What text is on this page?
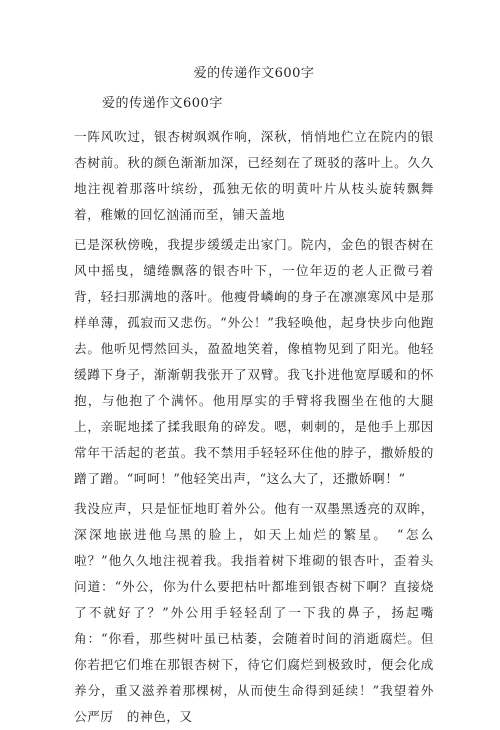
爱的传递作文600字
爱的传递作文600字

一阵风吹过，银杏树飒飒作响，深秋，悄悄地伫立在院内的银杏树前。秋的颜色渐渐加深，已经刻在了斑驳的落叶上。久久地注视着那落叶缤纷，孤独无依的明黄叶片从枝头旋转飘舞着，稚嫩的回忆汹涌而至，铺天盖地

已是深秋傍晚，我提步缓缓走出家门。院内，金色的银杏树在风中摇曳，缱绻飘落的银杏叶下，一位年迈的老人正微弓着背，轻扫那满地的落叶。他瘦骨嶙峋的身子在凛凛寒风中是那样单薄，孤寂而又悲伤。“外公！”我轻唤他，起身快步向他跑去。他听见愕然回头，盈盈地笑着，像植物见到了阳光。他轻缓蹲下身子，渐渐朝我张开了双臂。我飞扑进他宽厚暖和的怀抱，与他抱了个满怀。他用厚实的手臂将我圈坐在他的大腿上，亲昵地揉了揉我眼角的碎发。嗯，刺刺的，是他手上那因常年干活起的老茧。我不禁用手轻轻环住他的脖子，撒娇般的蹭了蹭。“呵呵！”他轻笑出声，“这么大了，还撒娇啊！”

我没应声，只是怔怔地盯着外公。他有一双墨黑透亮的双眸，深深地嵌进他乌黑的脸上，如天上灿烂的繁星。　“怎么啦？”他久久地注视着我。我指着树下堆砌的银杏叶，歪着头问道：“外公，你为什么要把枯叶都堆到银杏树下啊？直接烧了不就好了？”外公用手轻轻刮了一下我的鼻子，扬起嘴角：“你看，那些树叶虽已枯萎，会随着时间的消逝腐烂。但你若把它们堆在那银杏树下，待它们腐烂到极致时，便会化成养分，重又滋养着那棵树，从而使生命得到延续！”我望着外公严厉　的神色，又
